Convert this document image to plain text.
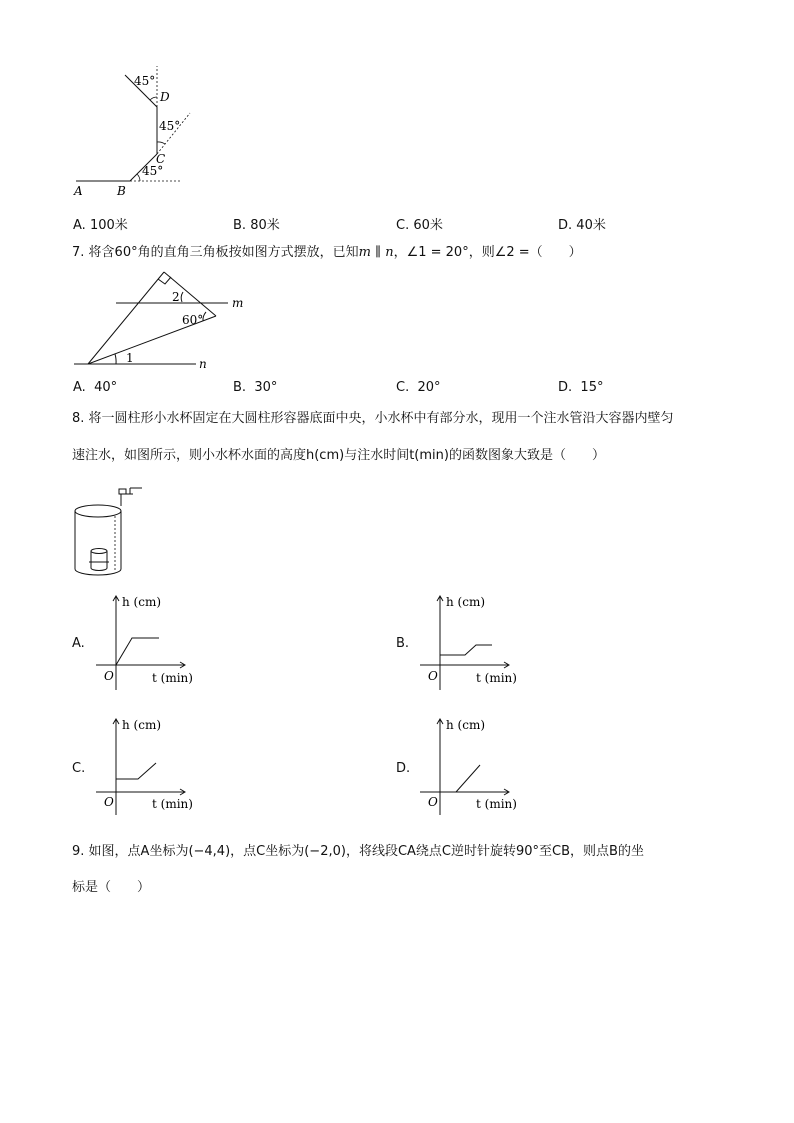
45°
D
45°
C
45°
A	B
A. 100米	B. 80米	C. 60米	D. 40米
7. 将含60°角的直角三角板按如图方式摆放，已知m ∥ n，∠1 = 20°，则∠2 =（　　）
2	m
60°
1	n
A. 40°	B. 30°	C. 20°	D. 15°
8. 将一圆柱形小水杯固定在大圆柱形容器底面中央，小水杯中有部分水，现用一个注水管沿大容器内壁匀
速注水，如图所示，则小水杯水面的高度h(cm)与注水时间t(min)的函数图象大致是（　　）
A.
h (cm)
O	t (min)
B.
h (cm)
O	t (min)
C.
h (cm)
O	t (min)
D.
h (cm)
O	t (min)
9. 如图，点A坐标为(−4,4)，点C坐标为(−2,0)，将线段CA绕点C逆时针旋转90°至CB，则点B的坐
标是（　　）
